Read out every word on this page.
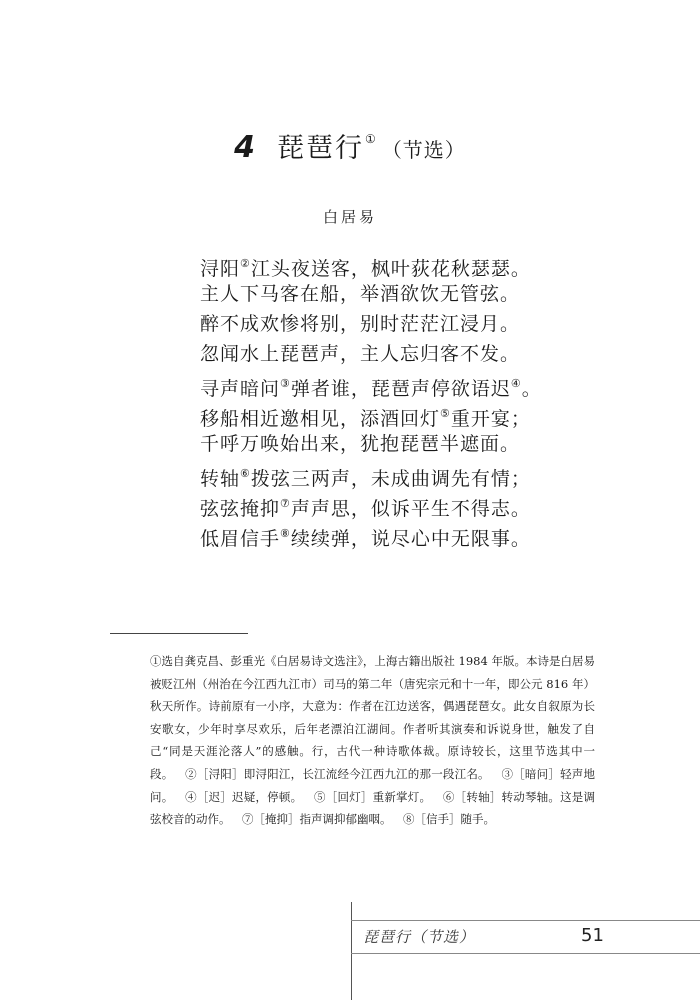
4 琵琶行① （节选）
白居易
浔阳②江头夜送客，枫叶荻花秋瑟瑟。
主人下马客在船，举酒欲饮无管弦。
醉不成欢惨将别，别时茫茫江浸月。
忽闻水上琵琶声，主人忘归客不发。
寻声暗问③弹者谁，琵琶声停欲语迟④。
移船相近邀相见，添酒回灯⑤重开宴；
千呼万唤始出来，犹抱琵琶半遮面。
转轴⑥拨弦三两声，未成曲调先有情；
弦弦掩抑⑦声声思，似诉平生不得志。
低眉信手⑧续续弹，说尽心中无限事。

①选自龚克昌、彭重光《白居易诗文选注》，上海古籍出版社 1984 年版。本诗是白居易被贬江州（州治在今江西九江市）司马的第二年（唐宪宗元和十一年，即公元 816 年）秋天所作。诗前原有一小序，大意为：作者在江边送客，偶遇琵琶女。此女自叙原为长安歌女，少年时享尽欢乐，后年老漂泊江湖间。作者听其演奏和诉说身世，触发了自己“同是天涯沦落人”的感触。行，古代一种诗歌体裁。原诗较长，这里节选其中一段。  ②［浔阳］即浔阳江，长江流经今江西九江的那一段江名。  ③［暗问］轻声地问。  ④［迟］迟疑，停顿。  ⑤［回灯］重新掌灯。  ⑥［转轴］转动琴轴。这是调弦校音的动作。  ⑦［掩抑］指声调抑郁幽咽。  ⑧［信手］随手。

琵琶行（节选）	51
